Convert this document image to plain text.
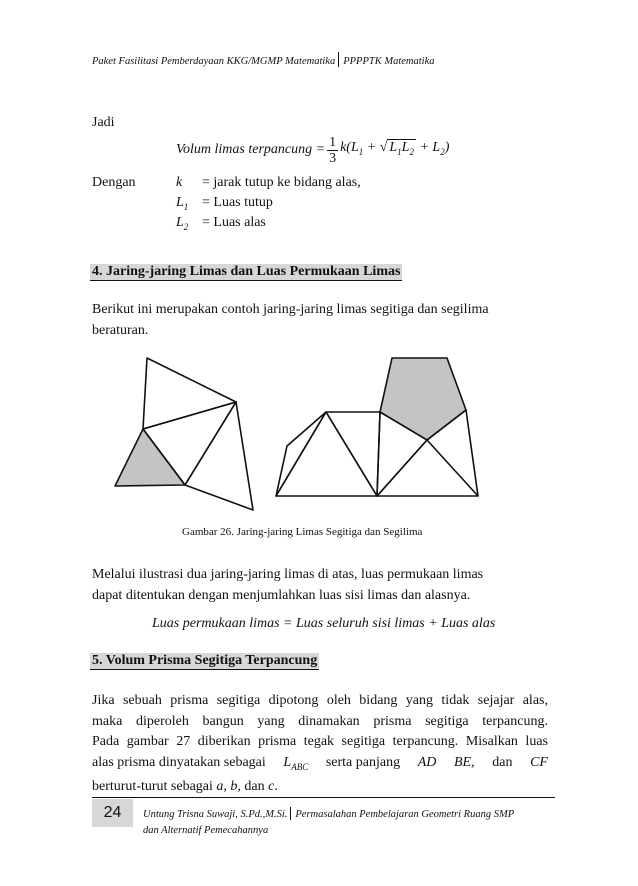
Paket Fasilitasi Pemberdayaan KKG/MGMP Matematika PPPPTK Matematika
Jadi
Volum limas terpancung = $\frac{1}{3} k(L_1$ + √ $L_1L_2 + L_2$)
Dengan	k = jarak tutup ke bidang alas,
$L_1$ = Luas tutup
$L_2$ = Luas alas
4. Jaring-jaring Limas dan Luas Permukaan Limas
Berikut ini merupakan contoh jaring-jaring limas segitiga dan segilima
beraturan.
Gambar 26. Jaring-jaring Limas Segitiga dan Segilima
Melalui ilustrasi dua jaring-jaring limas di atas, luas permukaan limas
dapat ditentukan dengan menjumlahkan luas sisi limas dan alasnya.
Luas permukaan limas = Luas seluruh sisi limas + Luas alas
5. Volum Prisma Segitiga Terpancung
Jika sebuah prisma segitiga dipotong oleh bidang yang tidak sejajar alas,
maka diperoleh bangun yang dinamakan prisma segitiga terpancung.
Pada gambar 27 diberikan prisma tegak segitiga terpancung. Misalkan luas
alas prisma dinyatakan sebagai $L_{ABC}$ serta panjang AD BE, dan CF
berturut-turut sebagai a, b, dan c.
24	Untung Trisna Suwaji, S.Pd.,M.Si. Permasalahan Pembelajaran Geometri Ruang SMP
dan Alternatif Pemecahannya
